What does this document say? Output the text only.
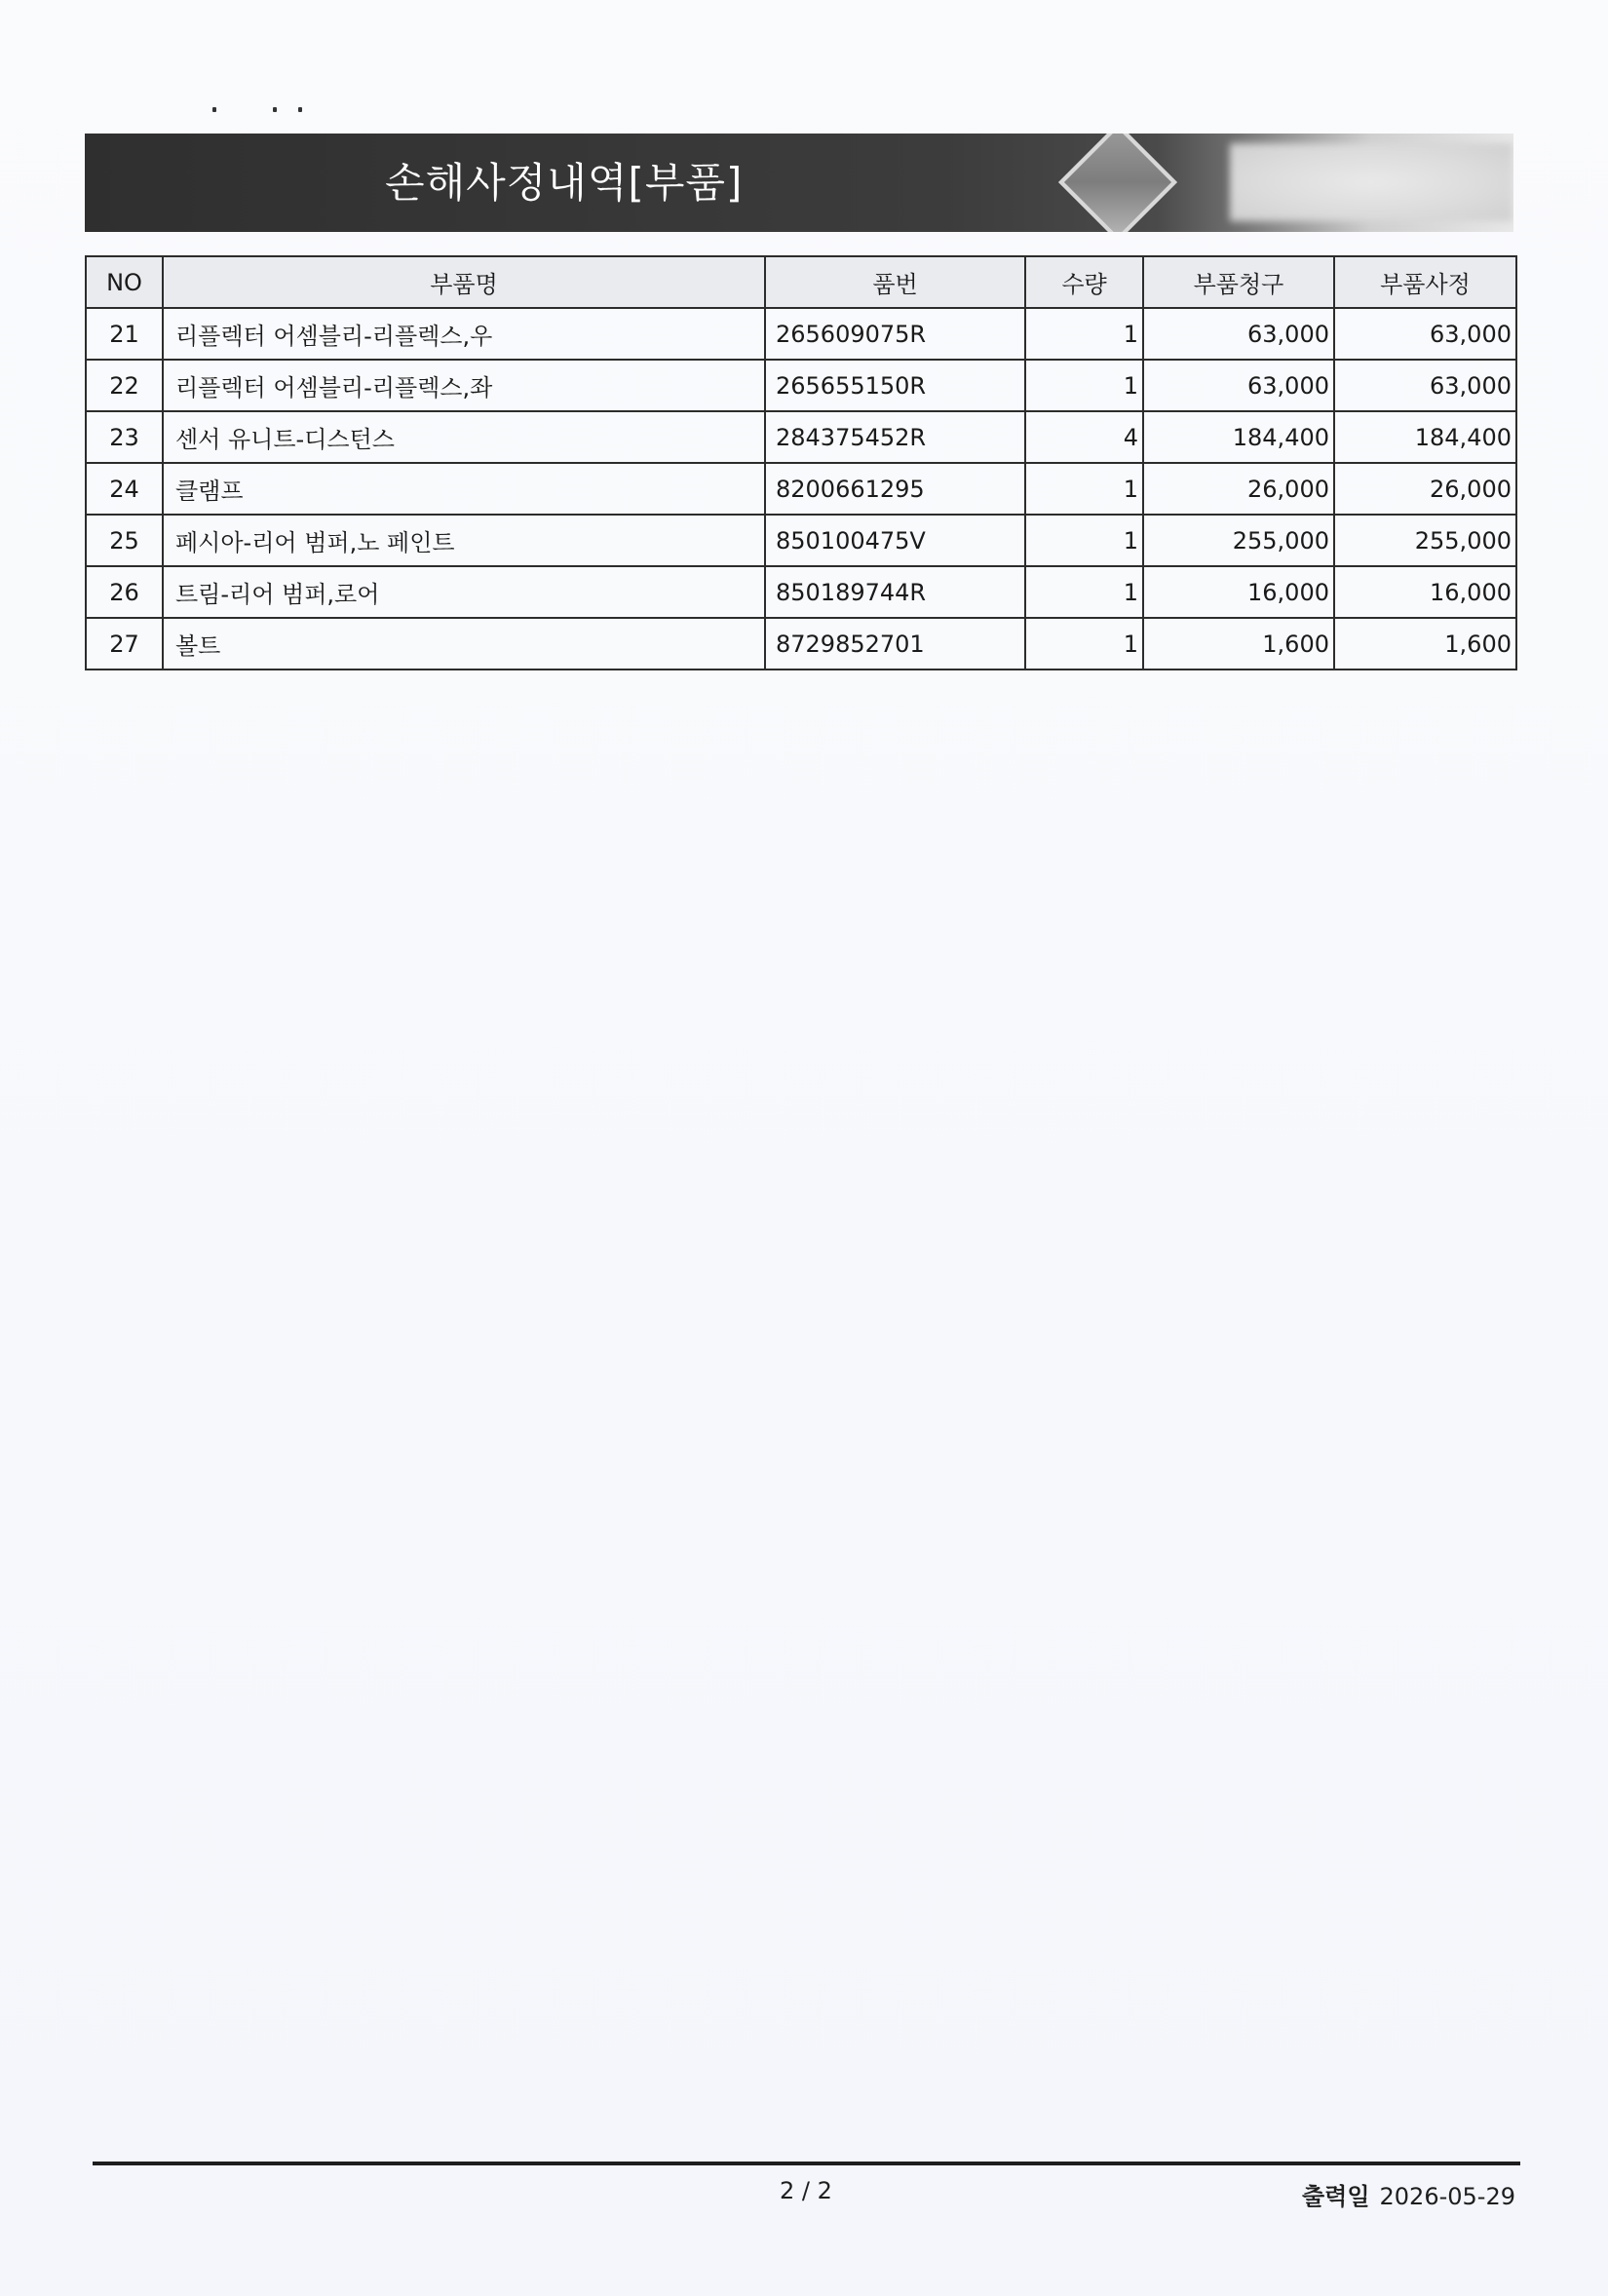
손해사정내역[부품]
NO	부품명	품번	수량	부품청구	부품사정
21	리플렉터 어셈블리-리플렉스,우	265609075R	1	63,000	63,000
22	리플렉터 어셈블리-리플렉스,좌	265655150R	1	63,000	63,000
23	센서 유니트-디스턴스	284375452R	4	184,400	184,400
24	클램프	8200661295	1	26,000	26,000
25	페시아-리어 범퍼,노 페인트	850100475V	1	255,000	255,000
26	트림-리어 범퍼,로어	850189744R	1	16,000	16,000
27	볼트	8729852701	1	1,600	1,600
2 / 2	출력일 2026-05-29
